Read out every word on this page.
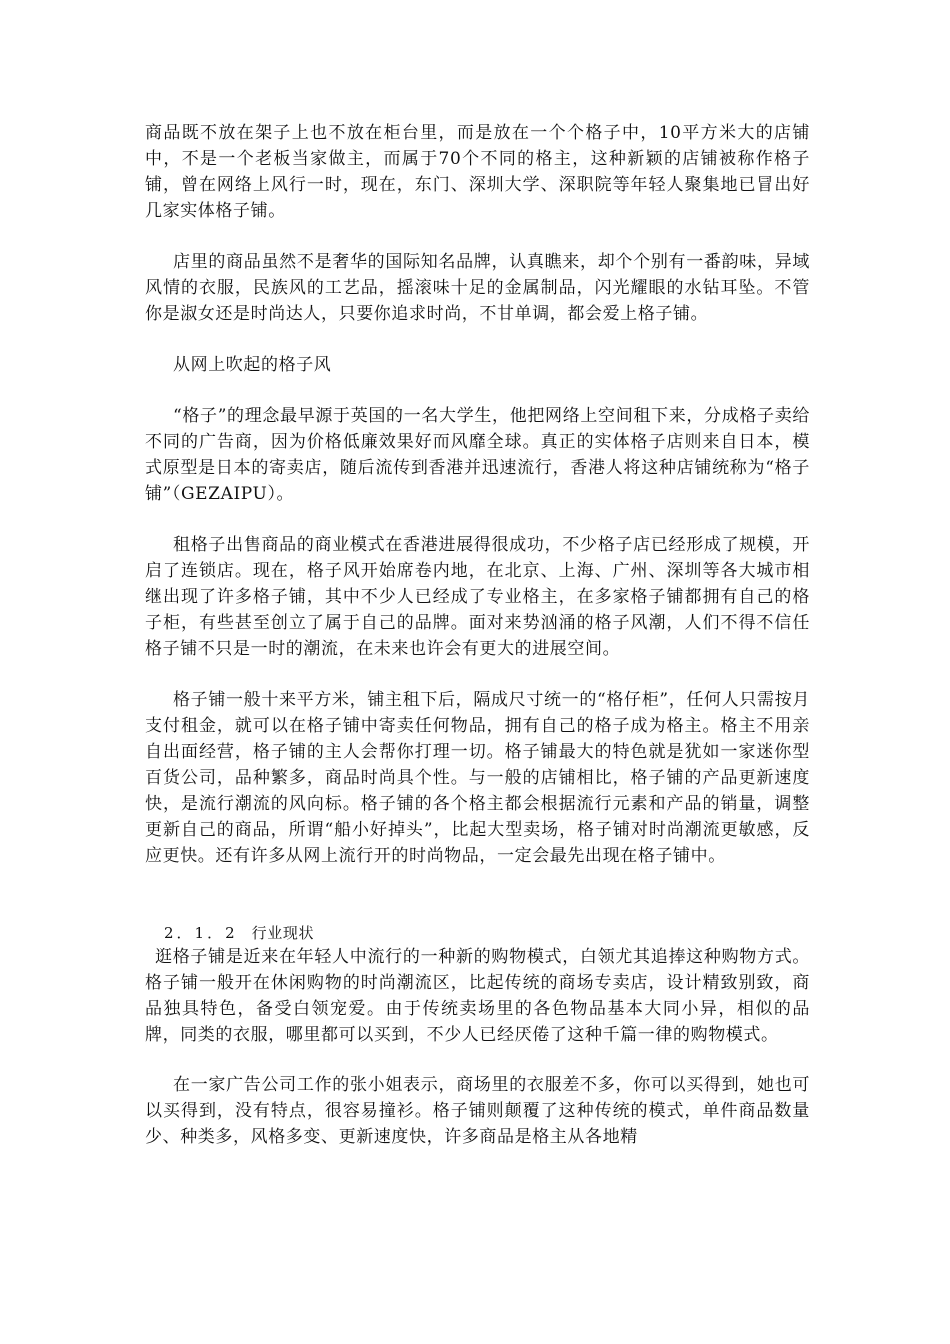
商品既不放在架子上也不放在柜台里，而是放在一个个格子中，10平方米大的店铺中，不是一个老板当家做主，而属于70个不同的格主，这种新颖的店铺被称作格子铺，曾在网络上风行一时，现在，东门、深圳大学、深职院等年轻人聚集地已冒出好几家实体格子铺。

店里的商品虽然不是奢华的国际知名品牌，认真瞧来，却个个别有一番韵味，异域风情的衣服，民族风的工艺品，摇滚味十足的金属制品，闪光耀眼的水钻耳坠。不管你是淑女还是时尚达人，只要你追求时尚，不甘单调，都会爱上格子铺。

从网上吹起的格子风

“格子”的理念最早源于英国的一名大学生，他把网络上空间租下来，分成格子卖给不同的广告商，因为价格低廉效果好而风靡全球。真正的实体格子店则来自日本，模式原型是日本的寄卖店，随后流传到香港并迅速流行，香港人将这种店铺统称为“格子铺”（GEZAIPU）。

租格子出售商品的商业模式在香港进展得很成功，不少格子店已经形成了规模，开启了连锁店。现在，格子风开始席卷内地，在北京、上海、广州、深圳等各大城市相继出现了许多格子铺，其中不少人已经成了专业格主，在多家格子铺都拥有自己的格子柜，有些甚至创立了属于自己的品牌。面对来势汹涌的格子风潮，人们不得不信任格子铺不只是一时的潮流，在未来也许会有更大的进展空间。

格子铺一般十来平方米，铺主租下后，隔成尺寸统一的“格仔柜”，任何人只需按月支付租金，就可以在格子铺中寄卖任何物品，拥有自己的格子成为格主。格主不用亲自出面经营，格子铺的主人会帮你打理一切。格子铺最大的特色就是犹如一家迷你型百货公司，品种繁多，商品时尚具个性。与一般的店铺相比，格子铺的产品更新速度快，是流行潮流的风向标。格子铺的各个格主都会根据流行元素和产品的销量，调整更新自己的商品，所谓“船小好掉头”，比起大型卖场，格子铺对时尚潮流更敏感，反应更快。还有许多从网上流行开的时尚物品，一定会最先出现在格子铺中。

2．1．2 行业现状

逛格子铺是近来在年轻人中流行的一种新的购物模式，白领尤其追捧这种购物方式。格子铺一般开在休闲购物的时尚潮流区，比起传统的商场专卖店，设计精致别致，商品独具特色，备受白领宠爱。由于传统卖场里的各色物品基本大同小异，相似的品牌，同类的衣服，哪里都可以买到，不少人已经厌倦了这种千篇一律的购物模式。

在一家广告公司工作的张小姐表示，商场里的衣服差不多，你可以买得到，她也可以买得到，没有特点，很容易撞衫。格子铺则颠覆了这种传统的模式，单件商品数量少、种类多，风格多变、更新速度快，许多商品是格主从各地精
